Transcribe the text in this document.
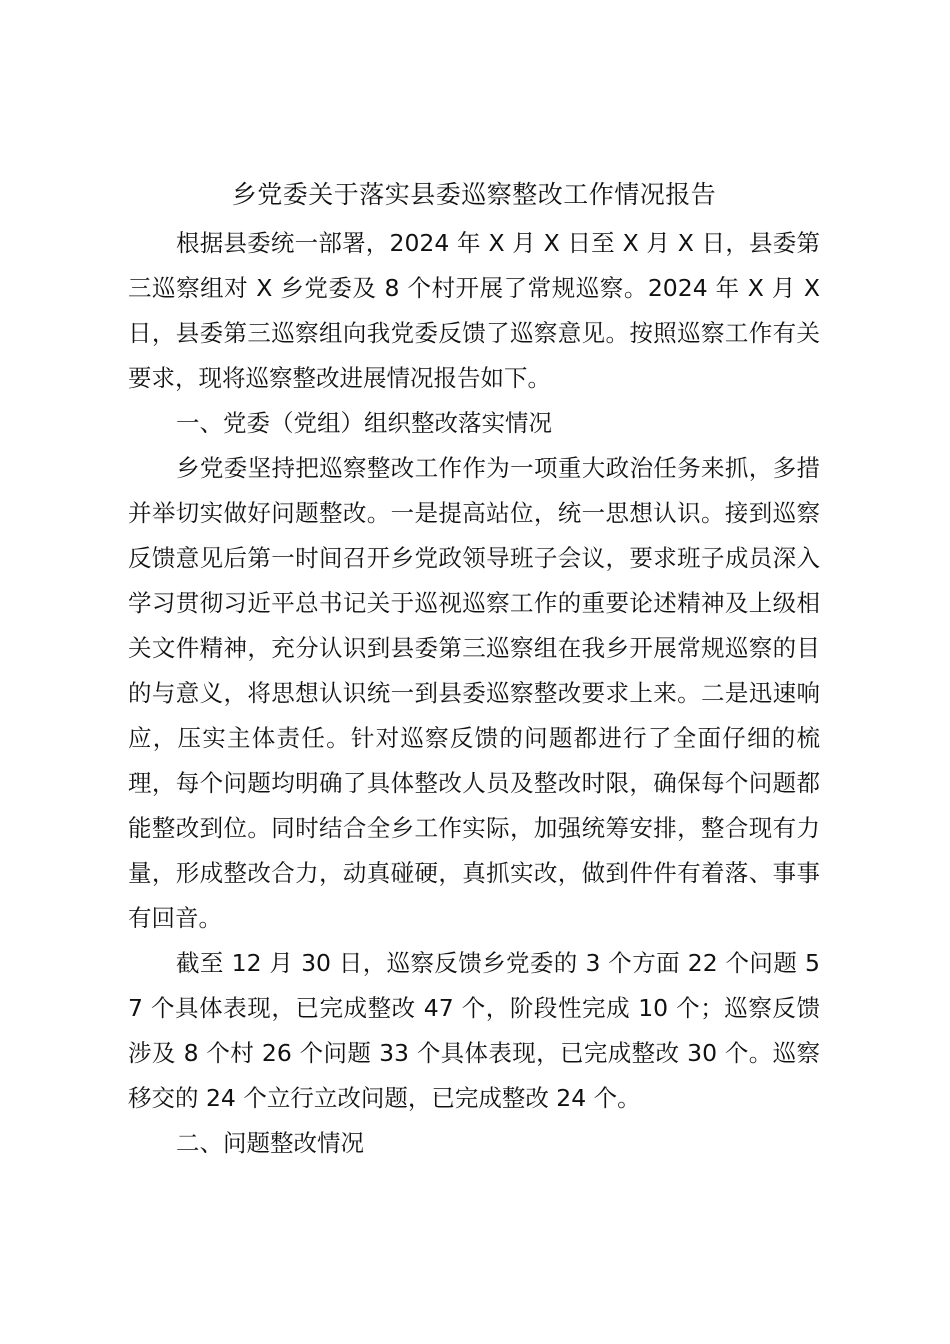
乡党委关于落实县委巡察整改工作情况报告

根据县委统一部署，2024 年 X 月 X 日至 X 月 X 日，县委第三巡察组对 X 乡党委及 8 个村开展了常规巡察。2024 年 X 月 X 日，县委第三巡察组向我党委反馈了巡察意见。按照巡察工作有关要求，现将巡察整改进展情况报告如下。

一、党委（党组）组织整改落实情况

乡党委坚持把巡察整改工作作为一项重大政治任务来抓，多措并举切实做好问题整改。一是提高站位，统一思想认识。接到巡察反馈意见后第一时间召开乡党政领导班子会议，要求班子成员深入学习贯彻习近平总书记关于巡视巡察工作的重要论述精神及上级相关文件精神，充分认识到县委第三巡察组在我乡开展常规巡察的目的与意义，将思想认识统一到县委巡察整改要求上来。二是迅速响应，压实主体责任。针对巡察反馈的问题都进行了全面仔细的梳理，每个问题均明确了具体整改人员及整改时限，确保每个问题都能整改到位。同时结合全乡工作实际，加强统筹安排，整合现有力量，形成整改合力，动真碰硬，真抓实改，做到件件有着落、事事有回音。

截至 12 月 30 日，巡察反馈乡党委的 3 个方面 22 个问题 57 个具体表现，已完成整改 47 个，阶段性完成 10 个；巡察反馈涉及 8 个村 26 个问题 33 个具体表现，已完成整改 30 个。巡察移交的 24 个立行立改问题，已完成整改 24 个。

二、问题整改情况
